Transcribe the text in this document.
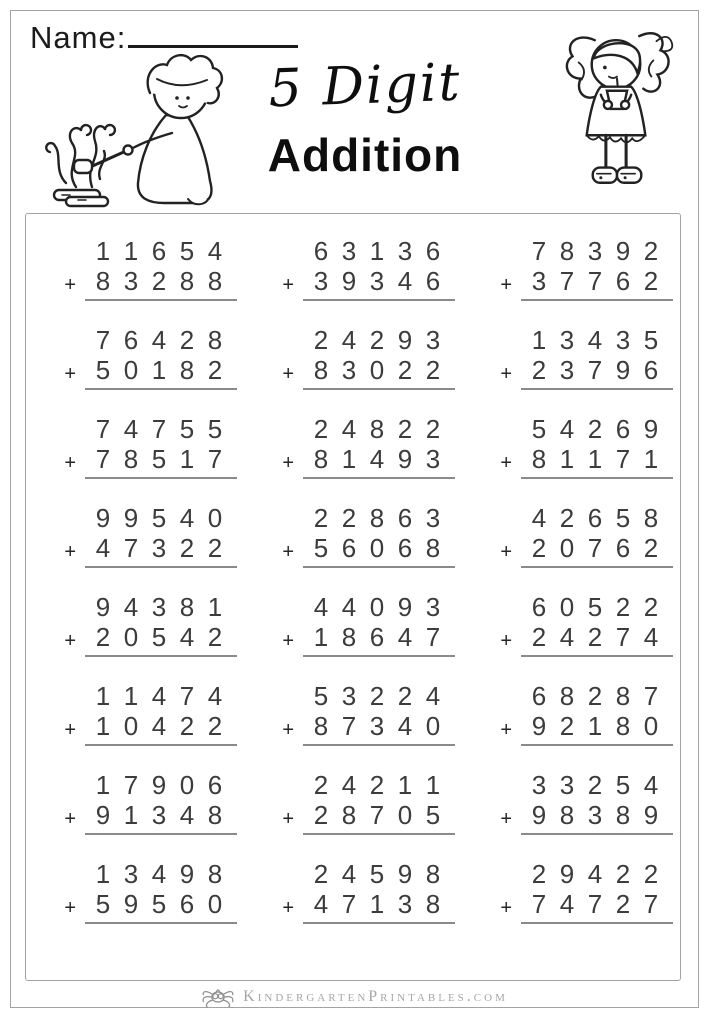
Name:
5 Digit
Addition
1 1 6 5 4
+ 8 3 2 8 8
6 3 1 3 6
+ 3 9 3 4 6
7 8 3 9 2
+ 3 7 7 6 2
7 6 4 2 8
+ 5 0 1 8 2
2 4 2 9 3
+ 8 3 0 2 2
1 3 4 3 5
+ 2 3 7 9 6
7 4 7 5 5
+ 7 8 5 1 7
2 4 8 2 2
+ 8 1 4 9 3
5 4 2 6 9
+ 8 1 1 7 1
9 9 5 4 0
+ 4 7 3 2 2
2 2 8 6 3
+ 5 6 0 6 8
4 2 6 5 8
+ 2 0 7 6 2
9 4 3 8 1
+ 2 0 5 4 2
4 4 0 9 3
+ 1 8 6 4 7
6 0 5 2 2
+ 2 4 2 7 4
1 1 4 7 4
+ 1 0 4 2 2
5 3 2 2 4
+ 8 7 3 4 0
6 8 2 8 7
+ 9 2 1 8 0
1 7 9 0 6
+ 9 1 3 4 8
2 4 2 1 1
+ 2 8 7 0 5
3 3 2 5 4
+ 9 8 3 8 9
1 3 4 9 8
+ 5 9 5 6 0
2 4 5 9 8
+ 4 7 1 3 8
2 9 4 2 2
+ 7 4 7 2 7
KindergartenPrintables.com
